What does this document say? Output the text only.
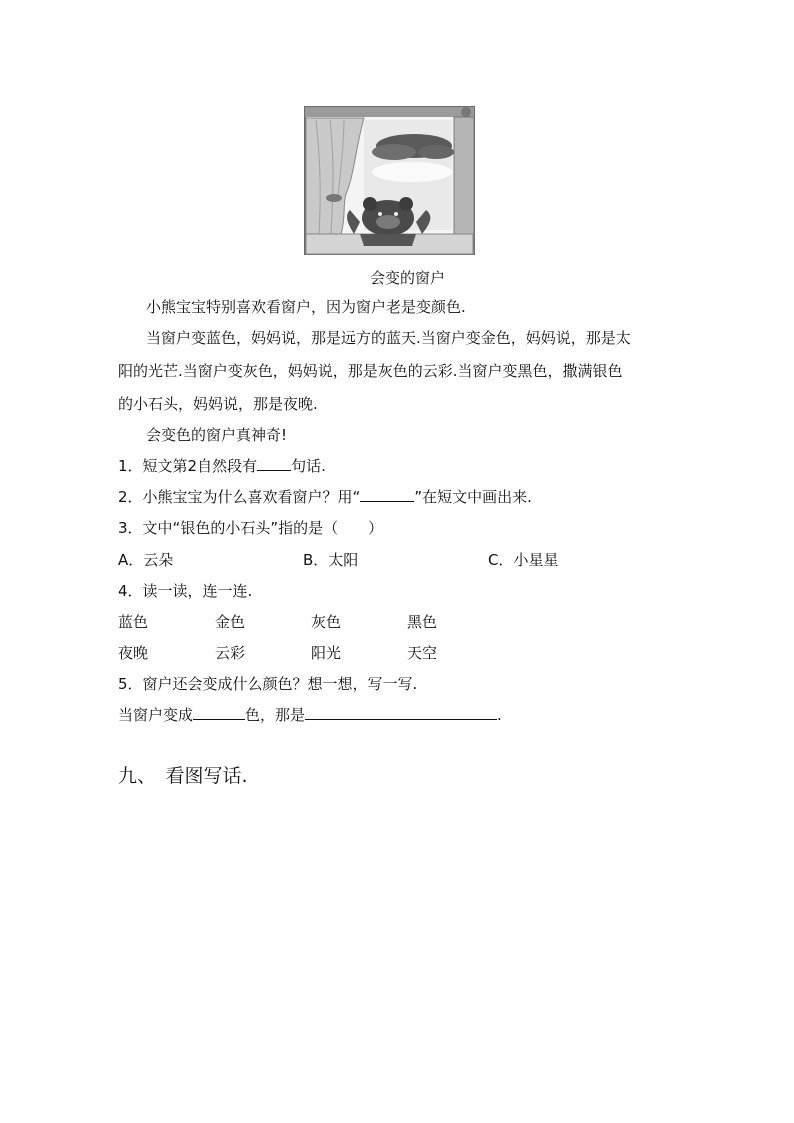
会变的窗户
小熊宝宝特别喜欢看窗户，因为窗户老是变颜色.
当窗户变蓝色，妈妈说，那是远方的蓝天.当窗户变金色，妈妈说，那是太
阳的光芒.当窗户变灰色，妈妈说，那是灰色的云彩.当窗户变黑色，撒满银色
的小石头，妈妈说，那是夜晚.
会变色的窗户真神奇!
1．短文第2自然段有 句话.
2．小熊宝宝为什么喜欢看窗户？用“	”在短文中画出来.
3．文中“银色的小石头”指的是（　　）
A．云朵	B．太阳	C．小星星
4．读一读，连一连.
蓝色	金色	灰色	黑色
夜晚	云彩	阳光	天空
5．窗户还会变成什么颜色？想一想，写一写.
当窗户变成	色，那是	.
九、　看图写话.
